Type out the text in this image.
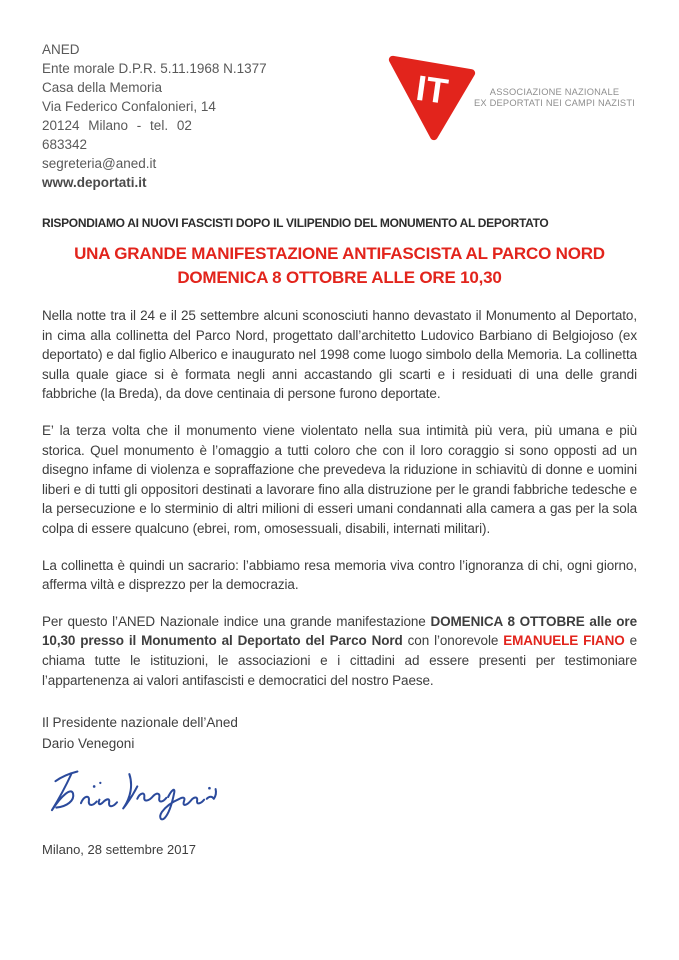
ANED
Ente morale D.P.R. 5.11.1968 N.1377
Casa della Memoria
Via Federico Confalonieri, 14
20124 Milano - tel. 02
683342
segreteria@aned.it
www.deportati.it
IT	ASSOCIAZIONE NAZIONALE
EX DEPORTATI NEI CAMPI NAZISTI
RISPONDIAMO AI NUOVI FASCISTI DOPO IL VILIPENDIO DEL MONUMENTO AL DEPORTATO
UNA GRANDE MANIFESTAZIONE ANTIFASCISTA AL PARCO NORD
DOMENICA 8 OTTOBRE ALLE ORE 10,30

Nella notte tra il 24 e il 25 settembre alcuni sconosciuti hanno devastato il Monumento al Deportato, in cima alla collinetta del Parco Nord, progettato dall’architetto Ludovico Barbiano di Belgiojoso (ex deportato) e dal figlio Alberico e inaugurato nel 1998 come luogo simbolo della Memoria. La collinetta sulla quale giace si è formata negli anni accastando gli scarti e i residuati di una delle grandi fabbriche (la Breda), da dove centinaia di persone furono deportate.

E’ la terza volta che il monumento viene violentato nella sua intimità più vera, più umana e più storica. Quel monumento è l’omaggio a tutti coloro che con il loro coraggio si sono opposti ad un disegno infame di violenza e sopraffazione che prevedeva la riduzione in schiavitù di donne e uomini liberi e di tutti gli oppositori destinati a lavorare fino alla distruzione per le grandi fabbriche tedesche e la persecuzione e lo sterminio di altri milioni di esseri umani condannati alla camera a gas per la sola colpa di essere qualcuno (ebrei, rom, omosessuali, disabili, internati militari).

La collinetta è quindi un sacrario: l’abbiamo resa memoria viva contro l’ignoranza di chi, ogni giorno, afferma viltà e disprezzo per la democrazia.

Per questo l’ANED Nazionale indice una grande manifestazione DOMENICA 8 OTTOBRE alle ore 10,30 presso il Monumento al Deportato del Parco Nord con l’onorevole EMANUELE FIANO e chiama tutte le istituzioni, le associazioni e i cittadini ad essere presenti per testimoniare l’appartenenza ai valori antifascisti e democratici del nostro Paese.

Il Presidente nazionale dell’Aned
Dario Venegoni
Milano, 28 settembre 2017
